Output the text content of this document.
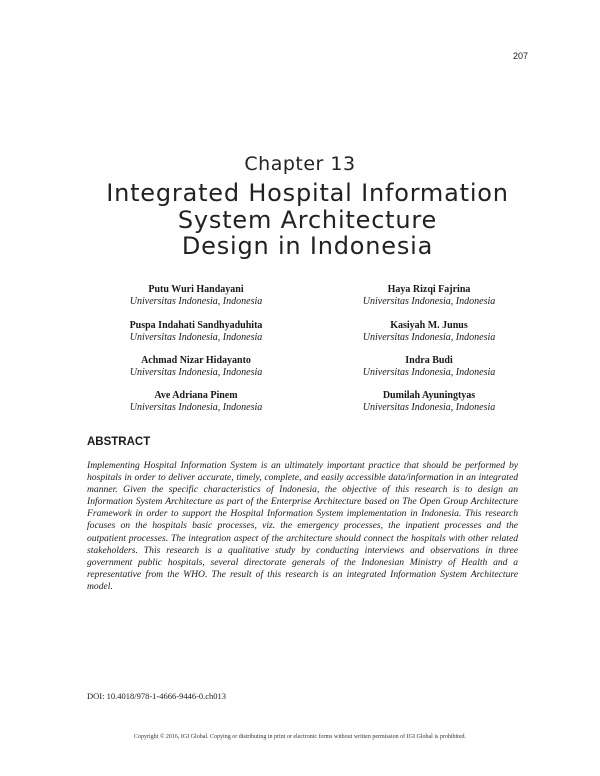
207
Chapter 13
Integrated Hospital Information
System Architecture
Design in Indonesia
Putu Wuri Handayani
Universitas Indonesia, Indonesia
Haya Rizqi Fajrina
Universitas Indonesia, Indonesia
Puspa Indahati Sandhyaduhita
Universitas Indonesia, Indonesia
Kasiyah M. Junus
Universitas Indonesia, Indonesia
Achmad Nizar Hidayanto
Universitas Indonesia, Indonesia
Indra Budi
Universitas Indonesia, Indonesia
Ave Adriana Pinem
Universitas Indonesia, Indonesia
Dumilah Ayuningtyas
Universitas Indonesia, Indonesia
ABSTRACT

Implementing Hospital Information System is an ultimately important practice that should be performed by hospitals in order to deliver accurate, timely, complete, and easily accessible data/information in an integrated manner. Given the specific characteristics of Indonesia, the objective of this research is to design an Information System Architecture as part of the Enterprise Architecture based on The Open Group Architecture Framework in order to support the Hospital Information System implementation in Indonesia. This research focuses on the hospitals basic processes, viz. the emergency processes, the inpatient processes and the outpatient processes. The integration aspect of the architecture should connect the hospitals with other related stakeholders. This research is a qualitative study by conducting interviews and observations in three government public hospitals, several directorate generals of the Indonesian Ministry of Health and a representative from the WHO. The result of this research is an integrated Information System Architecture model.

DOI: 10.4018/978-1-4666-9446-0.ch013
Copyright © 2016, IGI Global. Copying or distributing in print or electronic forms without written permission of IGI Global is prohibited.
